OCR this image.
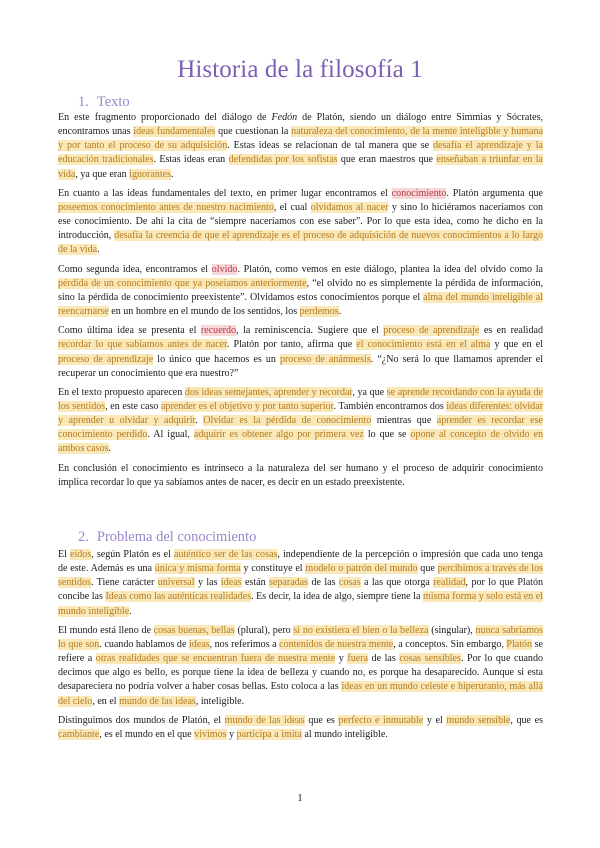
Historia de la filosofía 1
1. Texto

En este fragmento proporcionado del diálogo de Fedón de Platón, siendo un diálogo entre Simmias y Sócrates, encontramos unas ideas fundamentales que cuestionan la naturaleza del conocimiento, de la mente inteligible y humana y por tanto el proceso de su adquisición. Estas ideas se relacionan de tal manera que se desafía el aprendizaje y la educación tradicionales. Estas ideas eran defendidas por los sofistas que eran maestros que enseñaban a triunfar en la vida, ya que eran ignorantes.

En cuanto a las ideas fundamentales del texto, en primer lugar encontramos el conocimiento. Platón argumenta que poseemos conocimiento antes de nuestro nacimiento, el cual olvidamos al nacer y sino lo hiciéramos naceríamos con ese conocimiento. De ahí la cita de “siempre naceríamos con ese saber”. Por lo que esta idea, como he dicho en la introducción, desafía la creencia de que el aprendizaje es el proceso de adquisición de nuevos conocimientos a lo largo de la vida.

Como segunda idea, encontramos el olvido. Platón, como vemos en este diálogo, plantea la idea del olvido como la pérdida de un conocimiento que ya poseíamos anteriormente, “el olvido no es simplemente la pérdida de información, sino la pérdida de conocimiento preexistente”. Olvidamos estos conocimientos porque el alma del mundo inteligible al reencarnarse en un hombre en el mundo de los sentidos, los perdemos.

Como última idea se presenta el recuerdo, la reminiscencia. Sugiere que el proceso de aprendizaje es en realidad recordar lo que sabíamos antes de nacer. Platón por tanto, afirma que el conocimiento está en el alma y que en el proceso de aprendizaje lo único que hacemos es un proceso de anámnesis. “¿No será lo que llamamos aprender el recuperar un conocimiento que era nuestro?”

En el texto propuesto aparecen dos ideas semejantes, aprender y recordar, ya que se aprende recordando con la ayuda de los sentidos, en este caso aprender es el objetivo y por tanto superior. También encontramos dos ideas diferentes: olvidar y aprender u olvidar y adquirir. Olvidar es la pérdida de conocimiento mientras que aprender es recordar ese conocimiento perdido. Al igual, adquirir es obtener algo por primera vez lo que se opone al concepto de olvido en ambos casos.

En conclusión el conocimiento es intrínseco a la naturaleza del ser humano y el proceso de adquirir conocimiento implica recordar lo que ya sabíamos antes de nacer, es decir en un estado preexistente.

2. Problema del conocimiento

El eidos, según Platón es el auténtico ser de las cosas, independiente de la percepción o impresión que cada uno tenga de este. Además es una única y misma forma y constituye el modelo o patrón del mundo que percibimos a través de los sentidos. Tiene carácter universal y las ideas están separadas de las cosas a las que otorga realidad, por lo que Platón concibe las Ideas como las auténticas realidades. Es decir, la idea de algo, siempre tiene la misma forma y solo está en el mundo inteligible.

El mundo está lleno de cosas buenas, bellas (plural), pero si no existiera el bien o la belleza (singular), nunca sabríamos lo que son. cuando hablamos de ideas, nos referimos a contenidos de nuestra mente, a conceptos. Sin embargo, Platón se refiere a otras realidades que se encuentran fuera de nuestra mente y fuera de las cosas sensibles. Por lo que cuando decimos que algo es bello, es porque tiene la idea de belleza y cuando no, es porque ha desaparecido. Aunque si esta desapareciera no podría volver a haber cosas bellas. Esto coloca a las ideas en un mundo celeste e hiperuranio, más allá del cielo, en el mundo de las ideas, inteligible.

Distinguimos dos mundos de Platón, el mundo de las ideas que es perfecto e inmutable y el mundo sensible, que es cambiante, es el mundo en el que vivimos y participa a imita al mundo inteligible.

1
